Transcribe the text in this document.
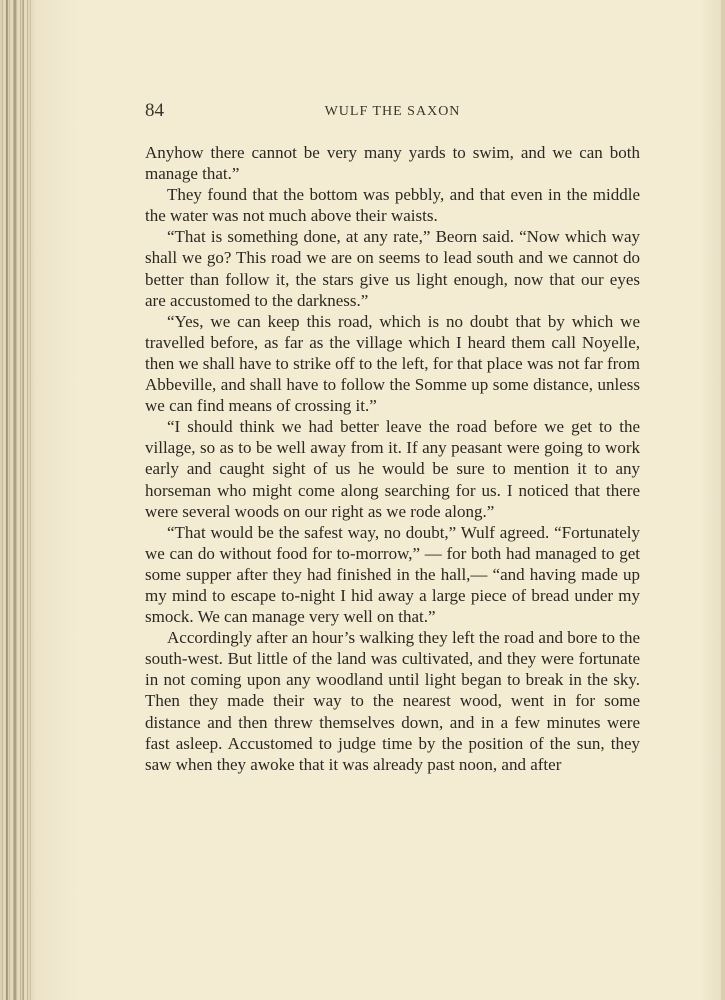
84	WULF THE SAXON

Anyhow there cannot be very many yards to swim, and we can both manage that.”

They found that the bottom was pebbly, and that even in the middle the water was not much above their waists.

“That is something done, at any rate,” Beorn said. “Now which way shall we go? This road we are on seems to lead south and we cannot do better than follow it, the stars give us light enough, now that our eyes are accustomed to the darkness.”

“Yes, we can keep this road, which is no doubt that by which we travelled before, as far as the village which I heard them call Noyelle, then we shall have to strike off to the left, for that place was not far from Abbeville, and shall have to follow the Somme up some distance, unless we can find means of crossing it.”

“I should think we had better leave the road before we get to the village, so as to be well away from it. If any peasant were going to work early and caught sight of us he would be sure to mention it to any horseman who might come along searching for us. I noticed that there were several woods on our right as we rode along.”

“That would be the safest way, no doubt,” Wulf agreed. “Fortunately we can do without food for to-morrow,” — for both had managed to get some supper after they had finished in the hall,— “and having made up my mind to escape to-night I hid away a large piece of bread under my smock. We can manage very well on that.”

Accordingly after an hour’s walking they left the road and bore to the south-west. But little of the land was cultivated, and they were fortunate in not coming upon any woodland until light began to break in the sky. Then they made their way to the nearest wood, went in for some distance and then threw themselves down, and in a few minutes were fast asleep. Accustomed to judge time by the position of the sun, they saw when they awoke that it was already past noon, and after
